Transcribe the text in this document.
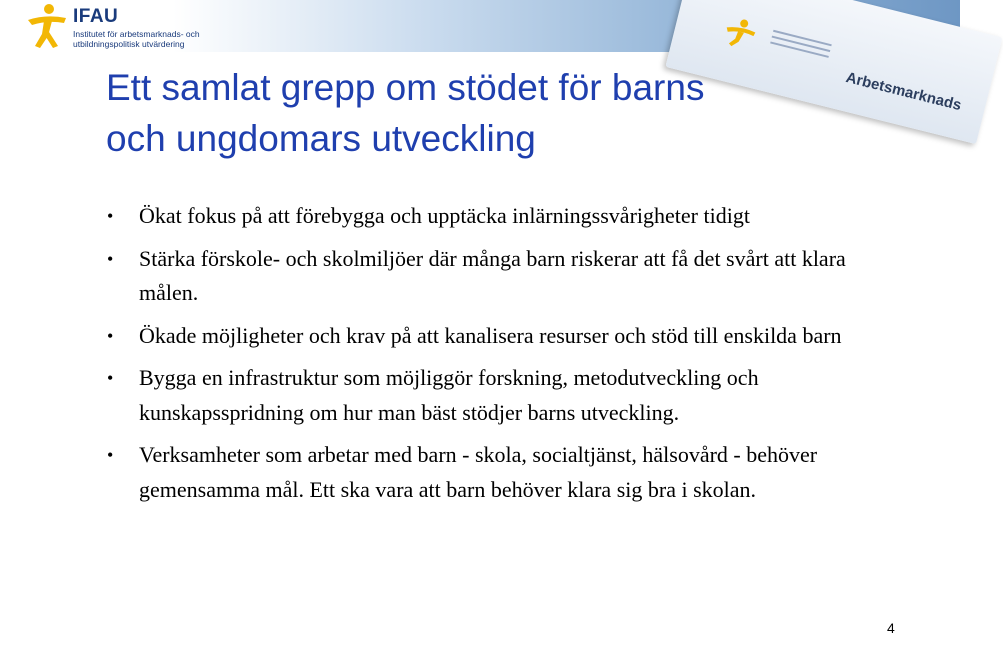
IFAU
Institutet för arbetsmarknads- och
utbildningspolitisk utvärdering
Arbetsmarknads
Ett samlat grepp om stödet för barns
och ungdomars utveckling
• Ökat fokus på att förebygga och upptäcka inlärningssvårigheter tidigt
• Stärka förskole- och skolmiljöer där många barn riskerar att få det svårt att klara målen.
• Ökade möjligheter och krav på att kanalisera resurser och stöd till enskilda barn
• Bygga en infrastruktur som möjliggör forskning, metodutveckling och kunskapsspridning om hur man bäst stödjer barns utveckling.
• Verksamheter som arbetar med barn - skola, socialtjänst, hälsovård - behöver gemensamma mål. Ett ska vara att barn behöver klara sig bra i skolan.
4
